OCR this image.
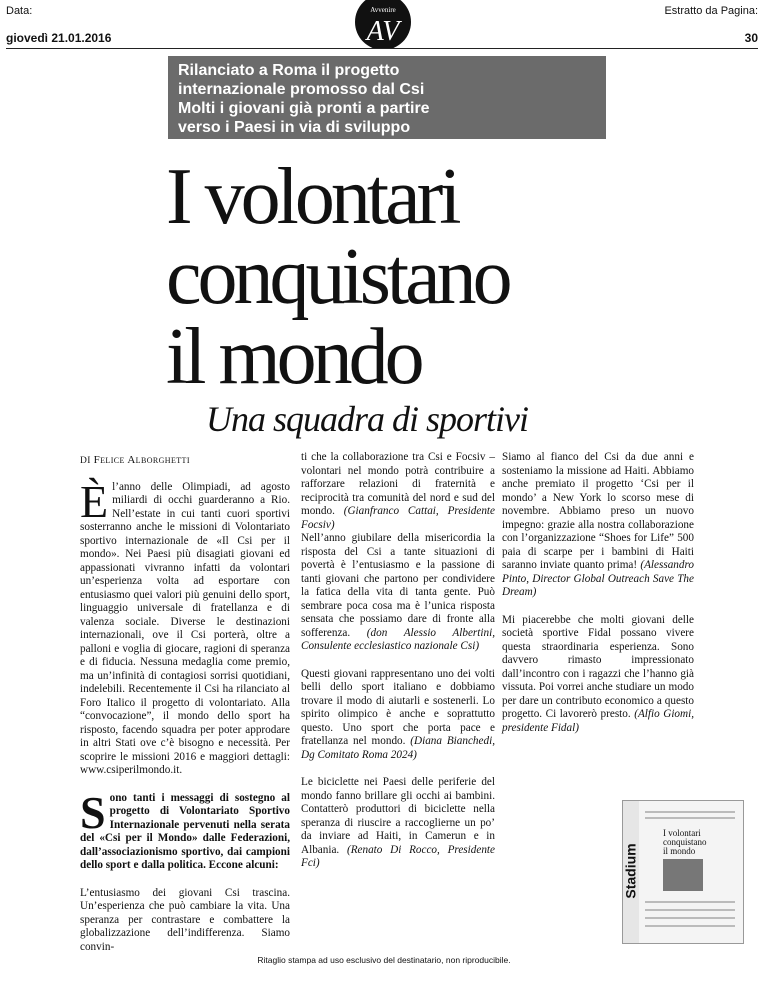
Data:
giovedì 21.01.2016
Estratto da Pagina:
30
Avvenire
AV
Rilanciato a Roma il progetto
internazionale promosso dal Csi
Molti i giovani già pronti a partire
verso i Paesi in via di sviluppo
I volontari
conquistano
il mondo
Una squadra di sportivi
DI Felice Alborghetti

È l’anno delle Olimpiadi, ad agosto miliardi di occhi guarderanno a Rio. Nell’estate in cui tanti cuori sportivi sosterranno anche le missioni di Volontariato sportivo internazionale de «Il Csi per il mondo». Nei Paesi più disagiati giovani ed appassionati vivranno infatti da volontari un’esperienza volta ad esportare con entusiasmo quei valori più genuini dello sport, linguaggio universale di fratellanza e di valenza sociale. Diverse le destinazioni internazionali, ove il Csi porterà, oltre a palloni e voglia di giocare, ragioni di speranza e di fiducia. Nessuna medaglia come premio, ma un’infinità di contagiosi sorrisi quotidiani, indelebili. Recentemente il Csi ha rilanciato al Foro Italico il progetto di volontariato. Alla “convocazione”, il mondo dello sport ha risposto, facendo squadra per poter approdare in altri Stati ove c’è bisogno e necessità. Per scoprire le missioni 2016 e maggiori dettagli: www.csiperilmondo.it.

S ono tanti i messaggi di sostegno al progetto di Volontariato Sportivo Internazionale pervenuti nella serata del «Csi per il Mondo» dalle Federazioni, dall’associazionismo sportivo, dai campioni dello sport e dalla politica. Eccone alcuni:

L’entusiasmo dei giovani Csi trascina. Un’esperienza che può cambiare la vita. Una speranza per contrastare e combattere la globalizzazione dell’indifferenza. Siamo convin-

ti che la collaborazione tra Csi e Focsiv – volontari nel mondo potrà contribuire a rafforzare relazioni di fraternità e reciprocità tra comunità del nord e sud del mondo. (Gianfranco Cattai, Presidente Focsiv)

Nell’anno giubilare della misericordia la risposta del Csi a tante situazioni di povertà è l’entusiasmo e la passione di tanti giovani che partono per condividere la fatica della vita di tanta gente. Può sembrare poca cosa ma è l’unica risposta sensata che possiamo dare di fronte alla sofferenza. (don Alessio Albertini, Consulente ecclesiastico nazionale Csi)

Questi giovani rappresentano uno dei volti belli dello sport italiano e dobbiamo trovare il modo di aiutarli e sostenerli. Lo spirito olimpico è anche e soprattutto questo. Uno sport che porta pace e fratellanza nel mondo. (Diana Bianchedi, Dg Comitato Roma 2024)

Le biciclette nei Paesi delle periferie del mondo fanno brillare gli occhi ai bambini. Contatterò produttori di biciclette nella speranza di riuscire a raccoglierne un po’ da inviare ad Haiti, in Camerun e in Albania. (Renato Di Rocco, Presidente Fci)

Siamo al fianco del Csi da due anni e sosteniamo la missione ad Haiti. Abbiamo anche premiato il progetto ‘Csi per il mondo’ a New York lo scorso mese di novembre. Abbiamo preso un nuovo impegno: grazie alla nostra collaborazione con l’organizzazione “Shoes for Life” 500 paia di scarpe per i bambini di Haiti saranno inviate quanto prima! (Alessandro Pinto, Director Global Outreach Save The Dream)

Mi piacerebbe che molti giovani delle società sportive Fidal possano vivere questa straordinaria esperienza. Sono davvero rimasto impressionato dall’incontro con i ragazzi che l’hanno già vissuta. Poi vorrei anche studiare un modo per dare un contributo economico a questo progetto. Ci lavorerò presto. (Alfio Giomi, presidente Fidal)

Stadium
I volontari
conquistano
il mondo
Ritaglio stampa ad uso esclusivo del destinatario, non riproducibile.
